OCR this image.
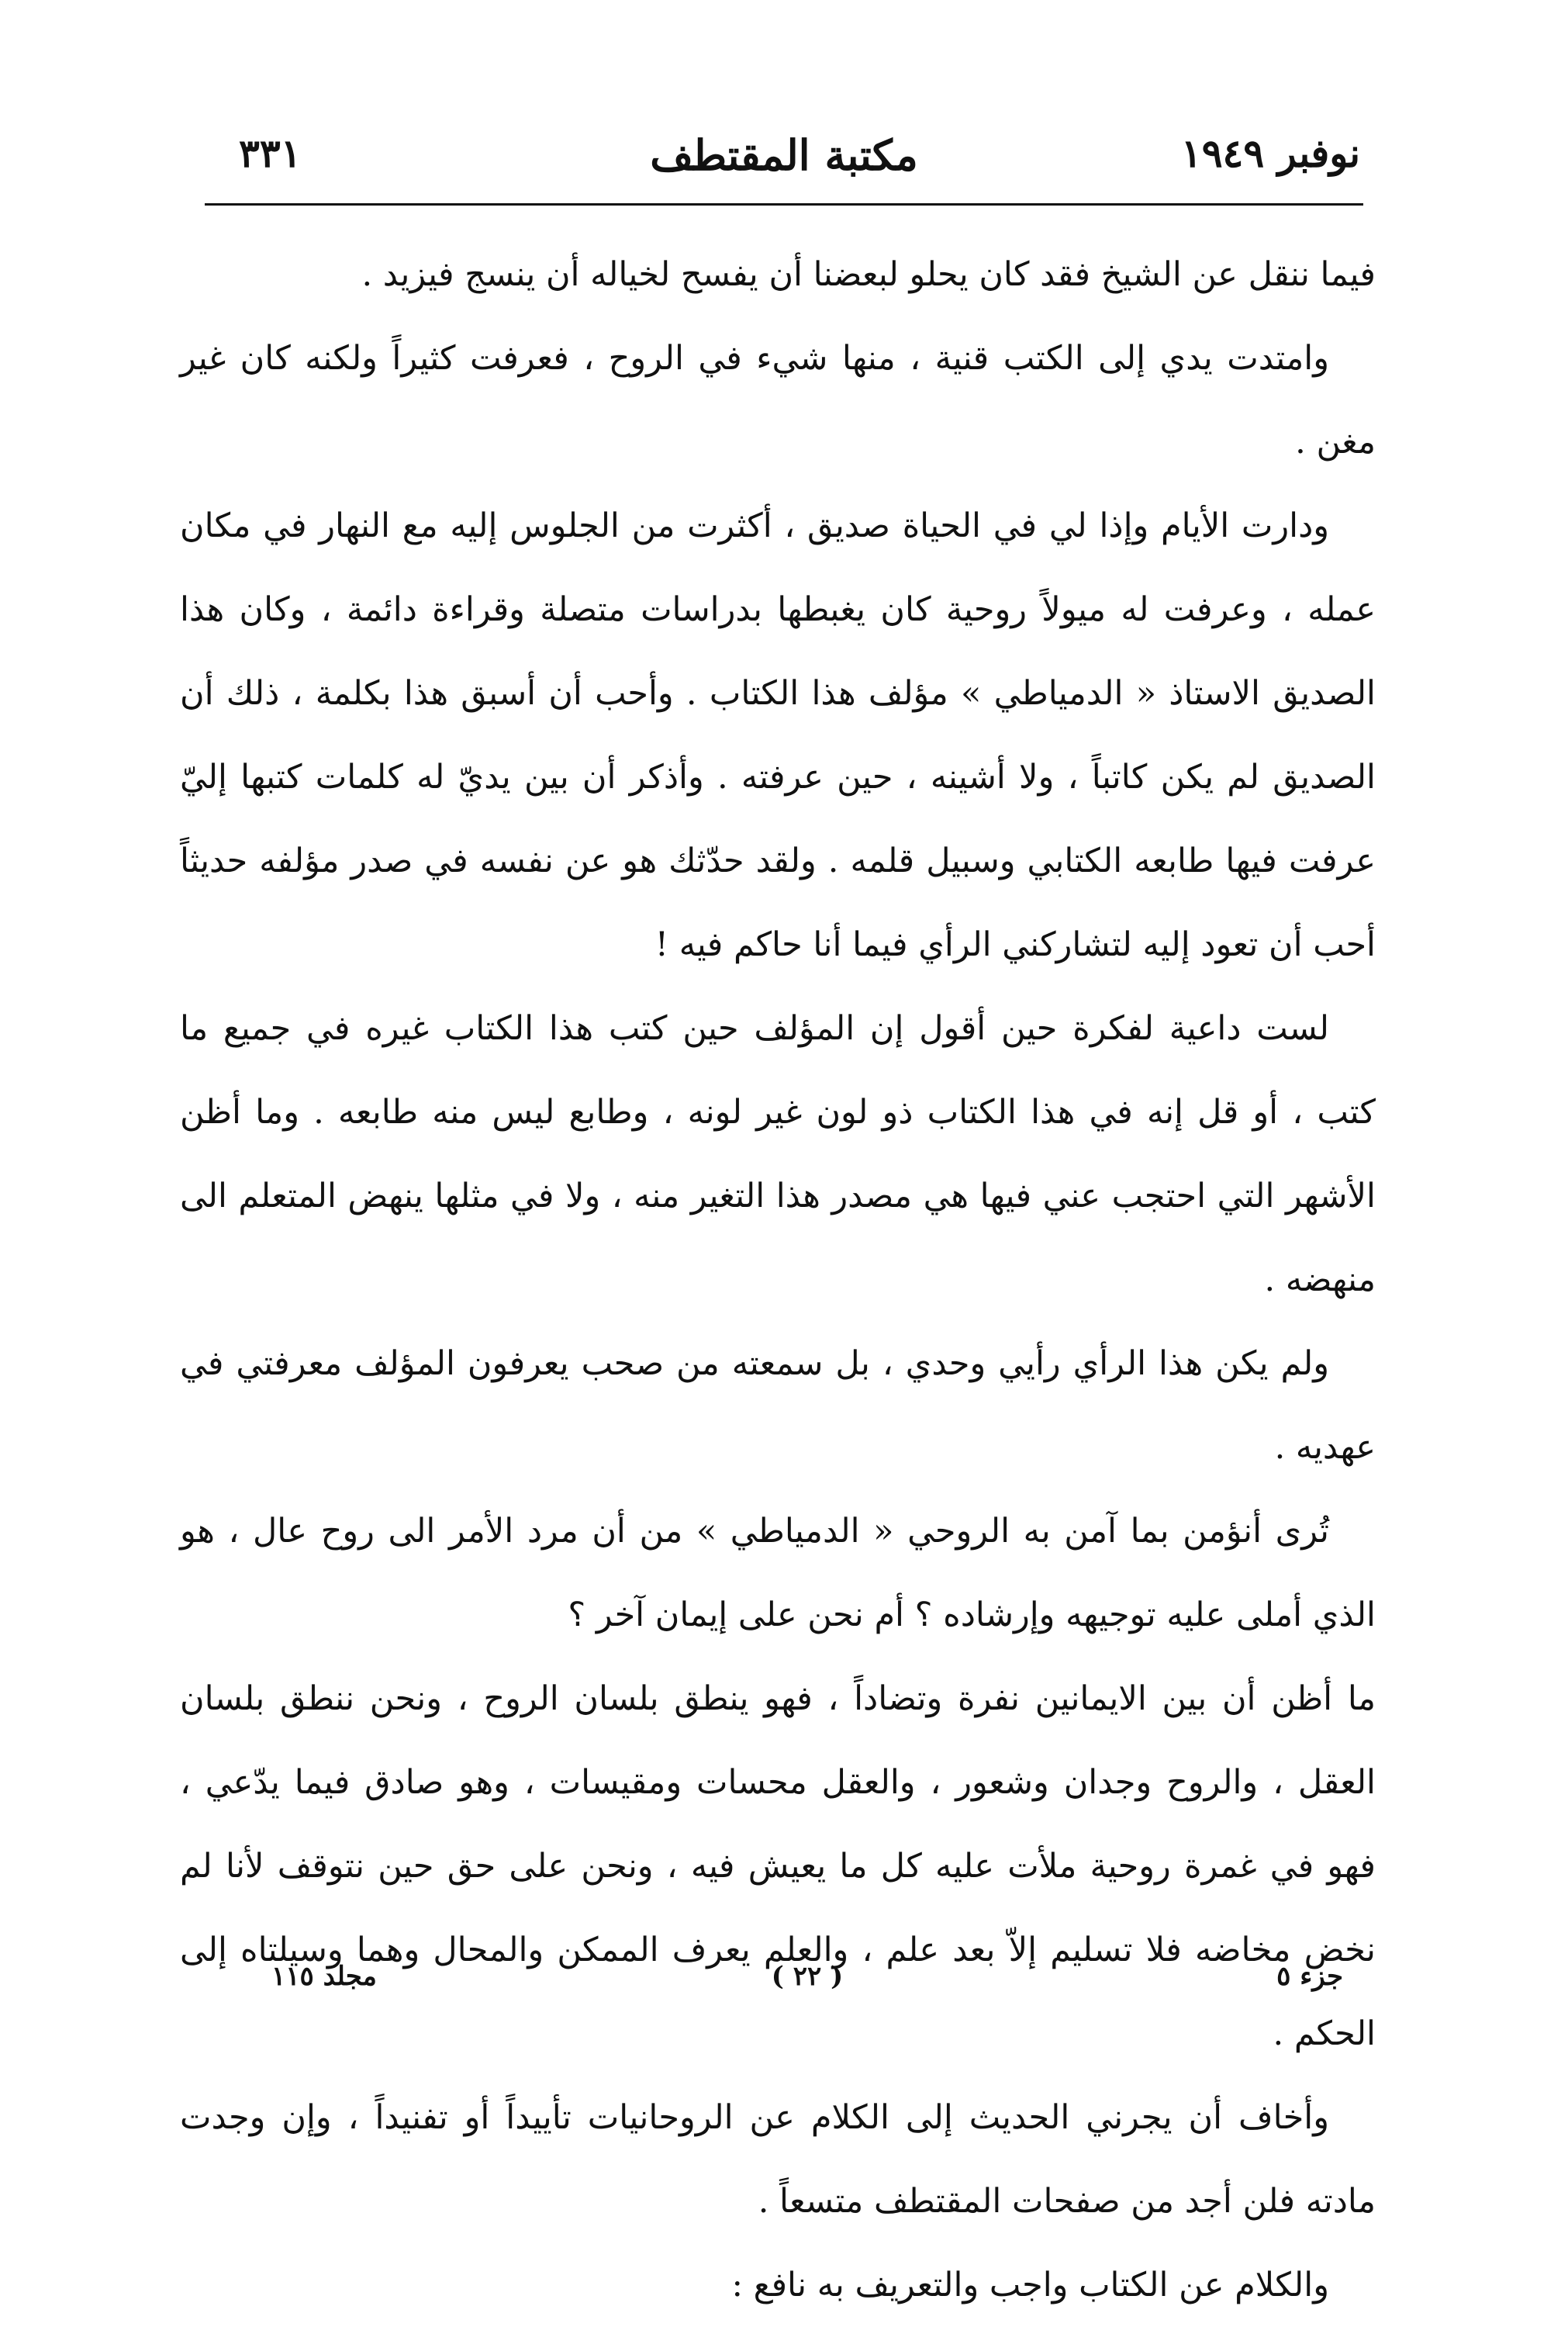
نوفبر ١٩٤٩
مكتبة المقتطف
٣٣١

فيما ننقل عن الشيخ فقد كان يحلو لبعضنا أن يفسح لخياله أن ينسج فيزيد .

وامتدت يدي إلى الكتب قنية ، منها شيء في الروح ، فعرفت كثيراً ولكنه كان غير مغن .

ودارت الأيام وإذا لي في الحياة صديق ، أكثرت من الجلوس إليه مع النهار في مكان عمله ، وعرفت له ميولاً روحية كان يغبطها بدراسات متصلة وقراءة دائمة ، وكان هذا الصديق الاستاذ « الدمياطي » مؤلف هذا الكتاب . وأحب أن أسبق هذا بكلمة ، ذلك أن الصديق لم يكن كاتباً ، ولا أشينه ، حين عرفته . وأذكر أن بين يديّ له كلمات كتبها إليّ عرفت فيها طابعه الكتابي وسبيل قلمه . ولقد حدّثك هو عن نفسه في صدر مؤلفه حديثاً أحب أن تعود إليه لتشاركني الرأي فيما أنا حاكم فيه !

لست داعية لفكرة حين أقول إن المؤلف حين كتب هذا الكتاب غيره في جميع ما كتب ، أو قل إنه في هذا الكتاب ذو لون غير لونه ، وطابع ليس منه طابعه . وما أظن الأشهر التي احتجب عني فيها هي مصدر هذا التغير منه ، ولا في مثلها ينهض المتعلم الى منهضه .

ولم يكن هذا الرأي رأيي وحدي ، بل سمعته من صحب يعرفون المؤلف معرفتي في عهديه .

تُرى أنؤمن بما آمن به الروحي « الدمياطي » من أن مرد الأمر الى روح عال ، هو الذي أملى عليه توجيهه وإرشاده ؟ أم نحن على إيمان آخر ؟

ما أظن أن بين الايمانين نفرة وتضاداً ، فهو ينطق بلسان الروح ، ونحن ننطق بلسان العقل ، والروح وجدان وشعور ، والعقل محسات ومقيسات ، وهو صادق فيما يدّعي ، فهو في غمرة روحية ملأت عليه كل ما يعيش فيه ، ونحن على حق حين نتوقف لأنا لم نخض مخاضه فلا تسليم إلاّ بعد علم ، والعلم يعرف الممكن والمحال وهما وسيلتاه إلى الحكم .

وأخاف أن يجرني الحديث إلى الكلام عن الروحانيات تأييداً أو تفنيداً ، وإن وجدت مادته فلن أجد من صفحات المقتطف متسعاً .

والكلام عن الكتاب واجب والتعريف به نافع :

جزء ٥
( ٢٢ )
مجلد ١١٥
